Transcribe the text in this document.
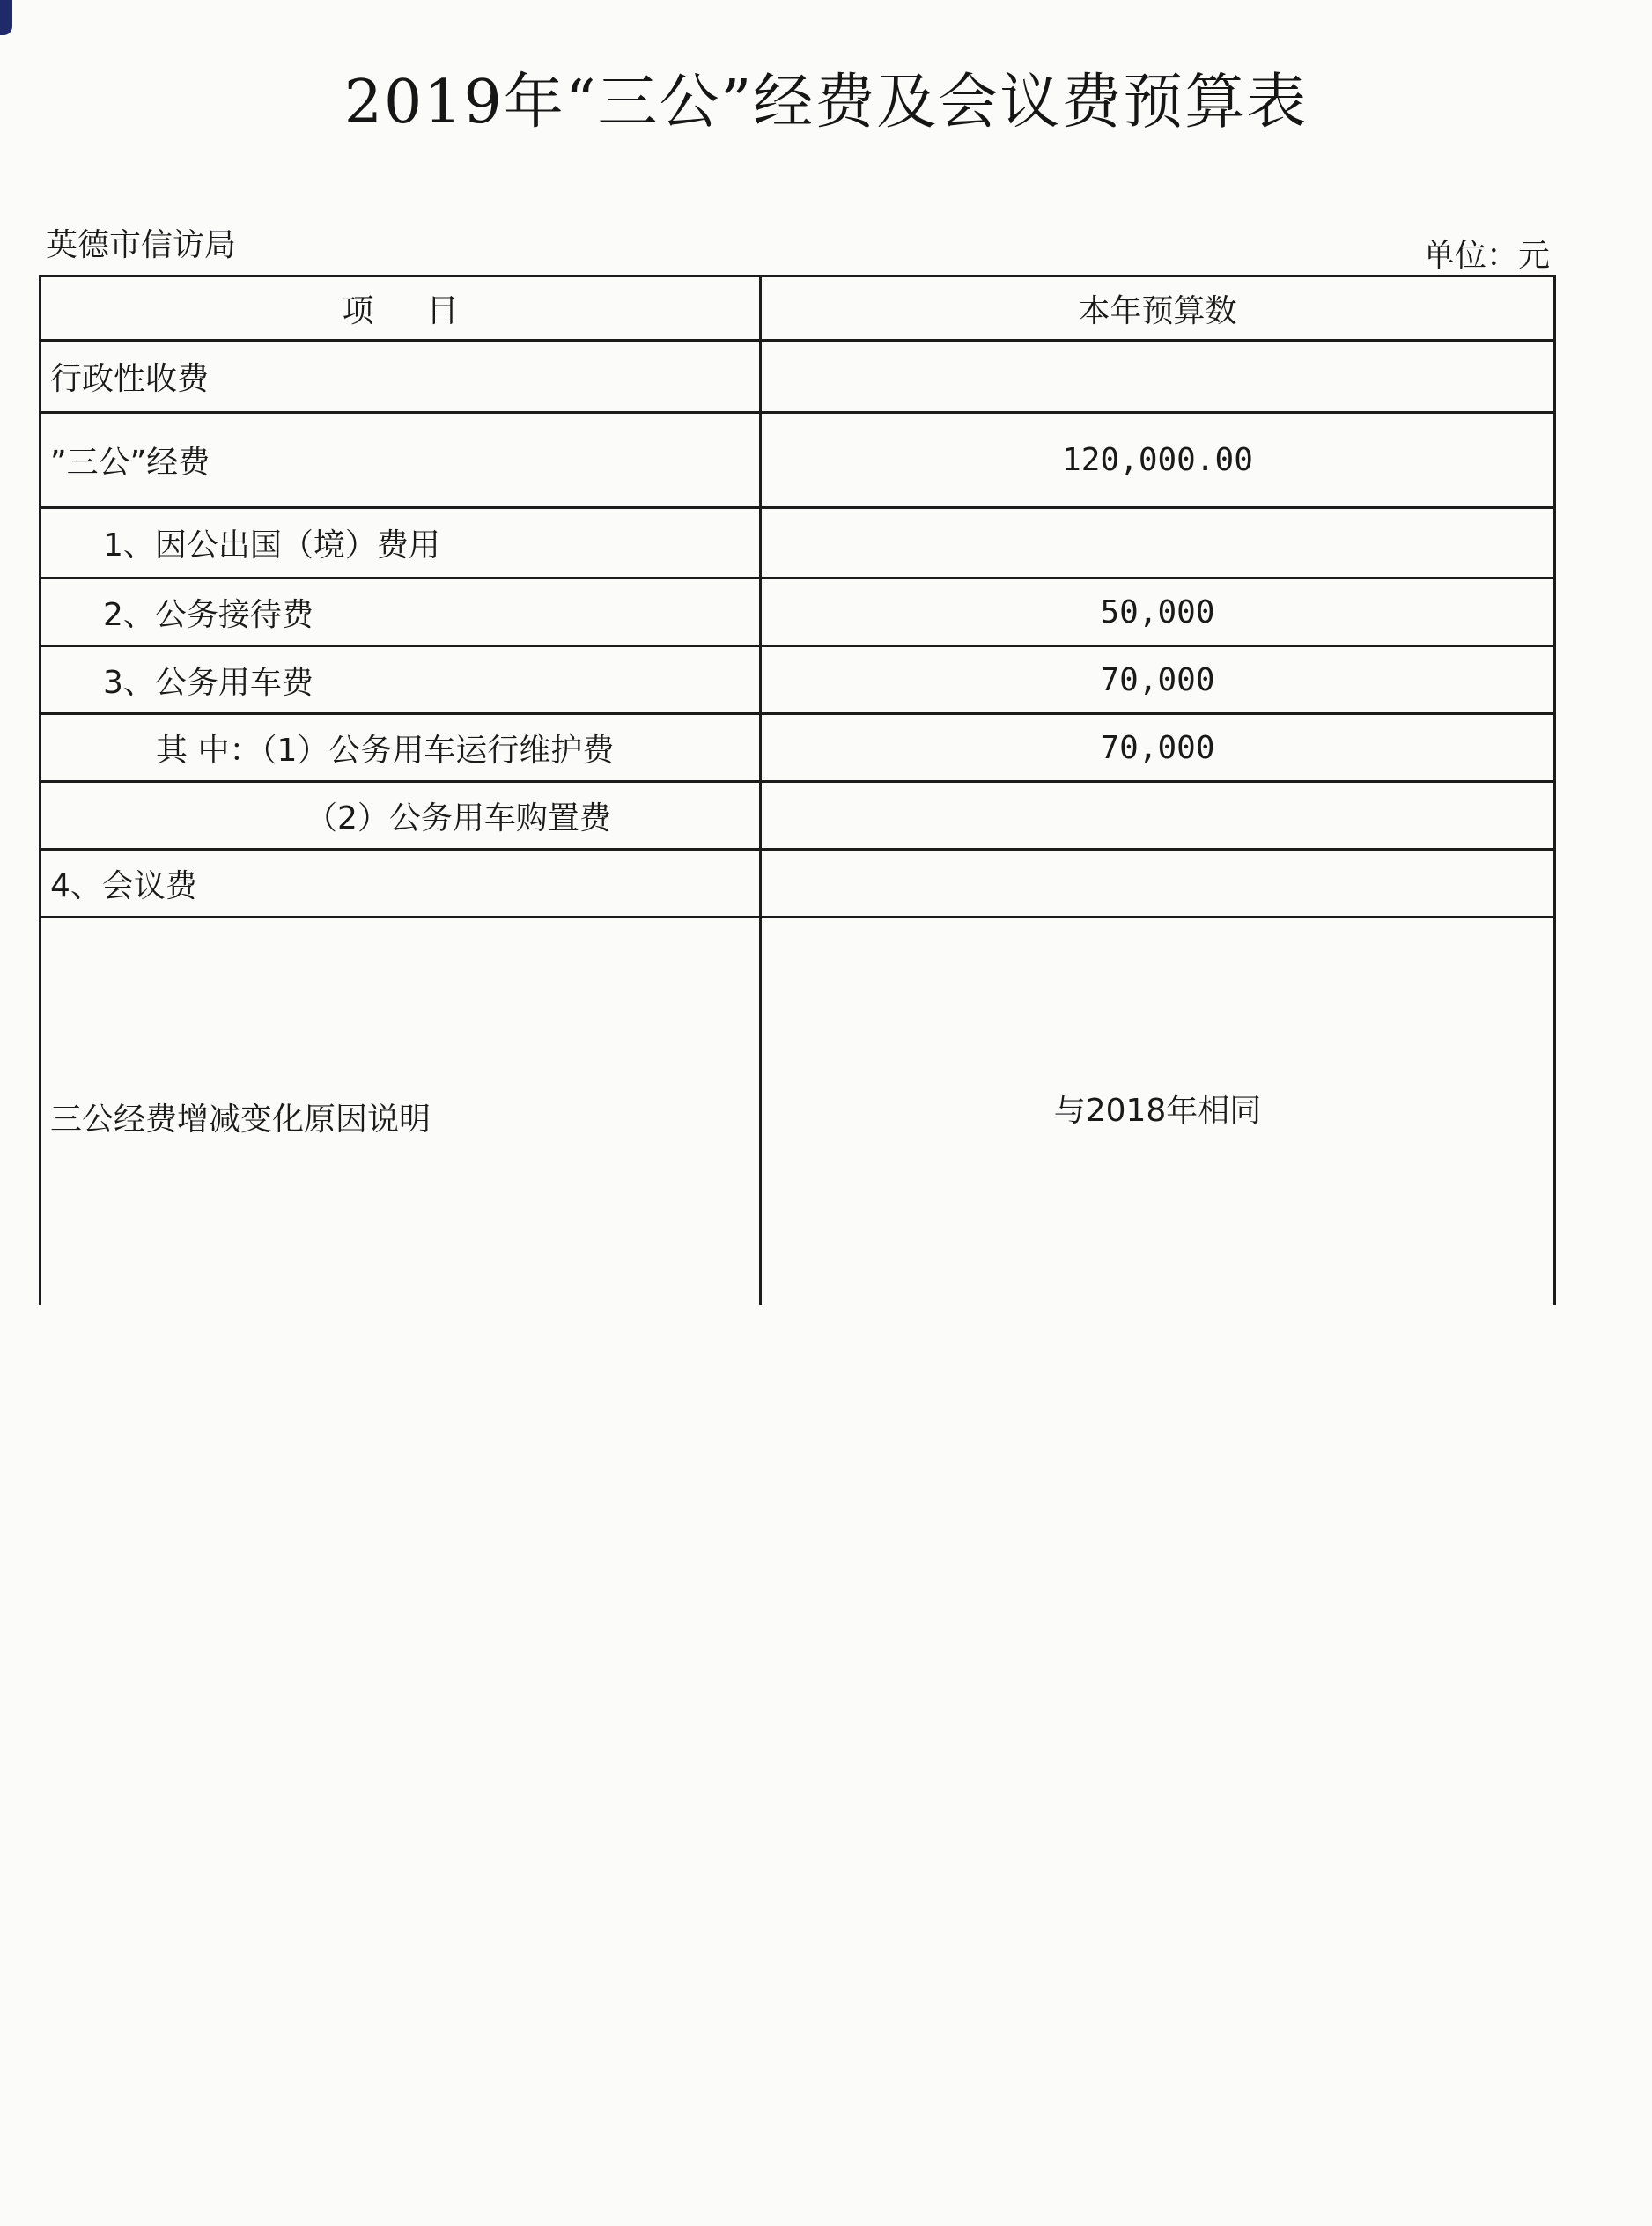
2019年“三公”经费及会议费预算表
英德市信访局	单位：元
项 目	本年预算数
行政性收费	
”三公”经费	120,000.00
1、因公出国（境）费用	
2、公务接待费	50,000
3、公务用车费	70,000
其 中：（1）公务用车运行维护费	70,000
（2）公务用车购置费	
4、会议费	
三公经费增减变化原因说明	与2018年相同
